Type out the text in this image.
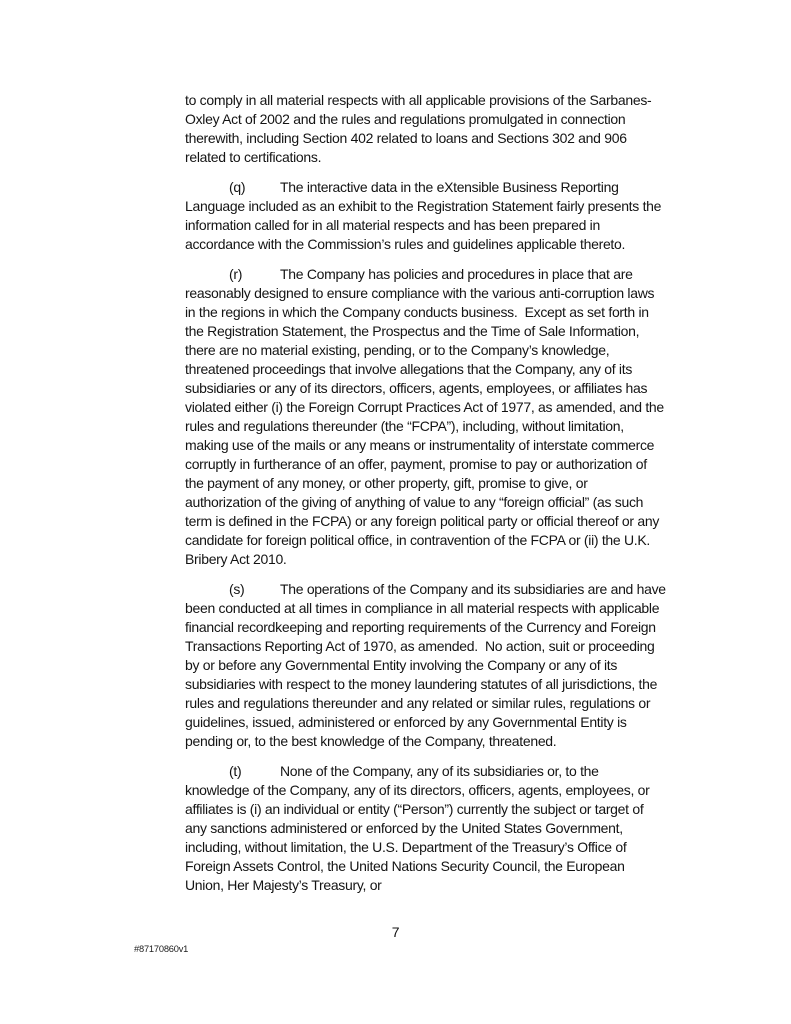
to comply in all material respects with all applicable provisions of the Sarbanes-Oxley Act of 2002 and the rules and regulations promulgated in connection therewith, including Section 402 related to loans and Sections 302 and 906 related to certifications.

(q) The interactive data in the eXtensible Business Reporting Language included as an exhibit to the Registration Statement fairly presents the information called for in all material respects and has been prepared in accordance with the Commission’s rules and guidelines applicable thereto.

(r)	The Company has policies and procedures in place that are reasonably designed to ensure compliance with the various anti-corruption laws in the regions in which the Company conducts business.  Except as set forth in the Registration Statement, the Prospectus and the Time of Sale Information, there are no material existing, pending, or to the Company’s knowledge, threatened proceedings that involve allegations that the Company, any of its subsidiaries or any of its directors, officers, agents, employees, or affiliates has violated either (i) the Foreign Corrupt Practices Act of 1977, as amended, and the rules and regulations thereunder (the “FCPA”), including, without limitation, making use of the mails or any means or instrumentality of interstate commerce corruptly in furtherance of an offer, payment, promise to pay or authorization of the payment of any money, or other property, gift, promise to give, or authorization of the giving of anything of value to any “foreign official” (as such term is defined in the FCPA) or any foreign political party or official thereof or any candidate for foreign political office, in contravention of the FCPA or (ii) the U.K. Bribery Act 2010.

(s)	The operations of the Company and its subsidiaries are and have been conducted at all times in compliance in all material respects with applicable financial recordkeeping and reporting requirements of the Currency and Foreign Transactions Reporting Act of 1970, as amended.  No action, suit or proceeding by or before any Governmental Entity involving the Company or any of its subsidiaries with respect to the money laundering statutes of all jurisdictions, the rules and regulations thereunder and any related or similar rules, regulations or guidelines, issued, administered or enforced by any Governmental Entity is pending or, to the best knowledge of the Company, threatened.

(t)	None of the Company, any of its subsidiaries or, to the knowledge of the Company, any of its directors, officers, agents, employees, or affiliates is (i) an individual or entity (“Person”) currently the subject or target of any sanctions administered or enforced by the United States Government, including, without limitation, the U.S. Department of the Treasury’s Office of Foreign Assets Control, the United Nations Security Council, the European Union, Her Majesty’s Treasury, or

7
#87170860v1
